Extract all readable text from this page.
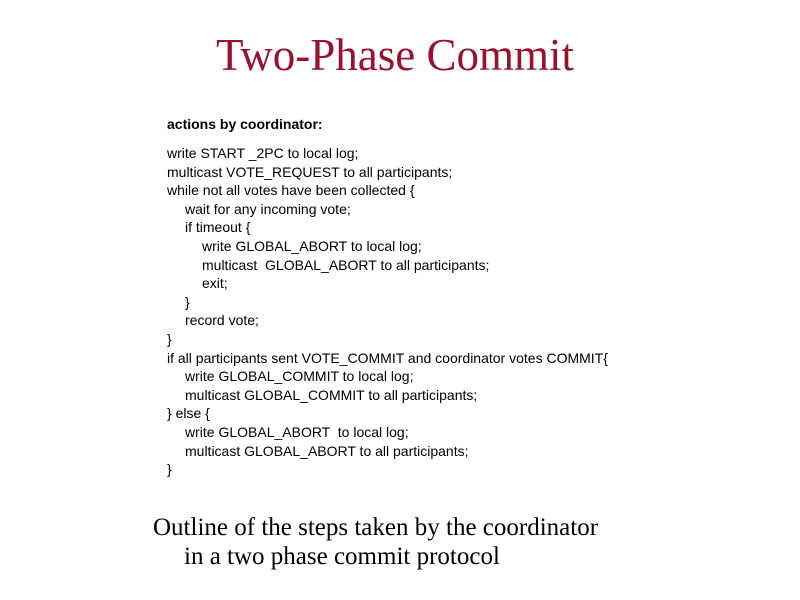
Two-Phase Commit
actions by coordinator:
write START _2PC to local log;
multicast VOTE_REQUEST to all participants;
while not all votes have been collected {
wait for any incoming vote;
if timeout {
write GLOBAL_ABORT to local log;
multicast  GLOBAL_ABORT to all participants;
exit;
}
record vote;
}
if all participants sent VOTE_COMMIT and coordinator votes COMMIT{
write GLOBAL_COMMIT to local log;
multicast GLOBAL_COMMIT to all participants;
} else {
write GLOBAL_ABORT  to local log;
multicast GLOBAL_ABORT to all participants;
}
Outline of the steps taken by the coordinator
in a two phase commit protocol
